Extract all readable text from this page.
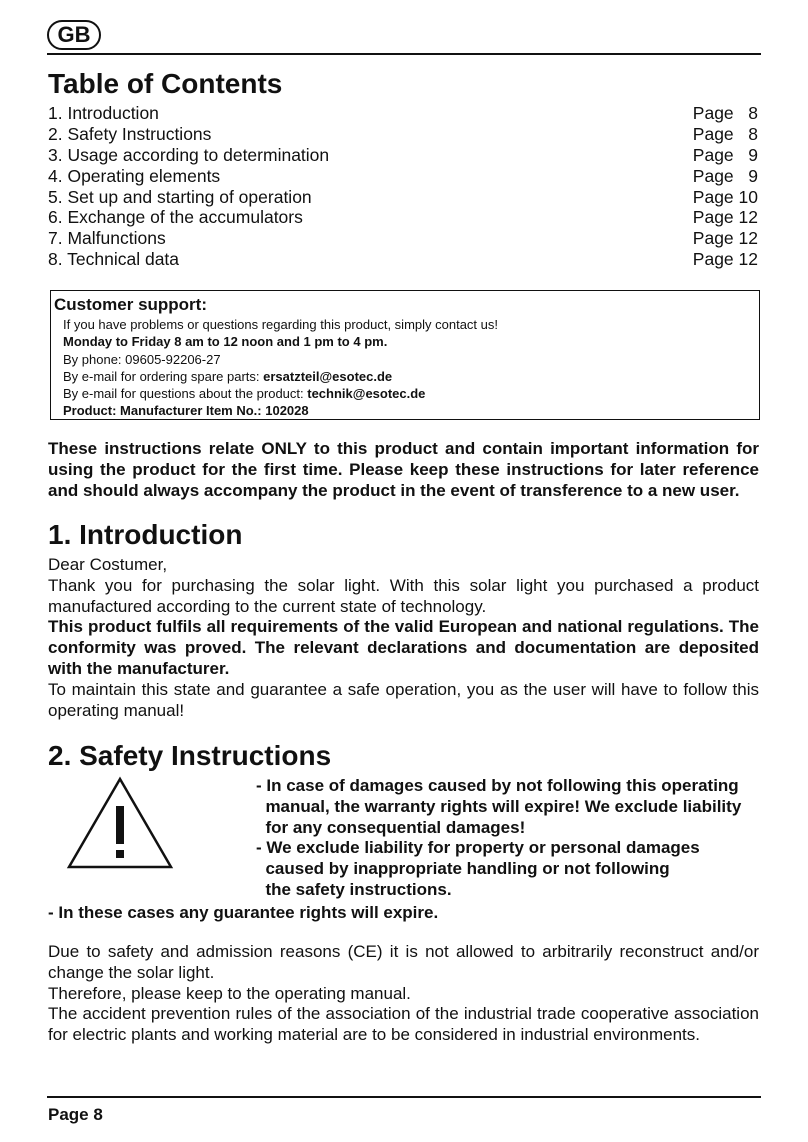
GB
Table of Contents
1. Introduction	Page   8
2. Safety Instructions	Page   8
3. Usage according to determination	Page   9
4. Operating elements	Page   9
5. Set up and starting of operation	Page 10
6. Exchange of the accumulators	Page 12
7. Malfunctions	Page 12
8. Technical data	Page 12
Customer support:
If you have problems or questions regarding this product, simply contact us!
Monday to Friday 8 am to 12 noon and 1 pm to 4 pm.
By phone: 09605-92206-27
By e-mail for ordering spare parts: ersatzteil@esotec.de
By e-mail for questions about the product: technik@esotec.de
Product: Manufacturer Item No.: 102028
These instructions relate ONLY to this product and contain important information for using the product for the first time. Please keep these instructions for later reference and should always accompany the product in the event of transference to a new user.
1. Introduction
Dear Costumer,
Thank you for purchasing the solar light. With this solar light you purchased a product manufactured according to the current state of technology.
This product fulfils all requirements of the valid European and national regulations. The conformity was proved. The relevant declarations and documentation are deposited with the manufacturer.
To maintain this state and guarantee a safe operation, you as the user will have to follow this operating manual!
2. Safety Instructions
- In case of damages caused by not following this operating
manual, the warranty rights will expire! We exclude liability
for any consequential damages!
- We exclude liability for property or personal damages
caused by inappropriate handling or not following
the safety instructions.
- In these cases any guarantee rights will expire.
Due to safety and admission reasons (CE) it is not allowed to arbitrarily reconstruct and/or change the solar light.
Therefore, please keep to the operating manual.
The accident prevention rules of the association of the industrial trade cooperative association for electric plants and working material are to be considered in industrial environments.
Page 8
